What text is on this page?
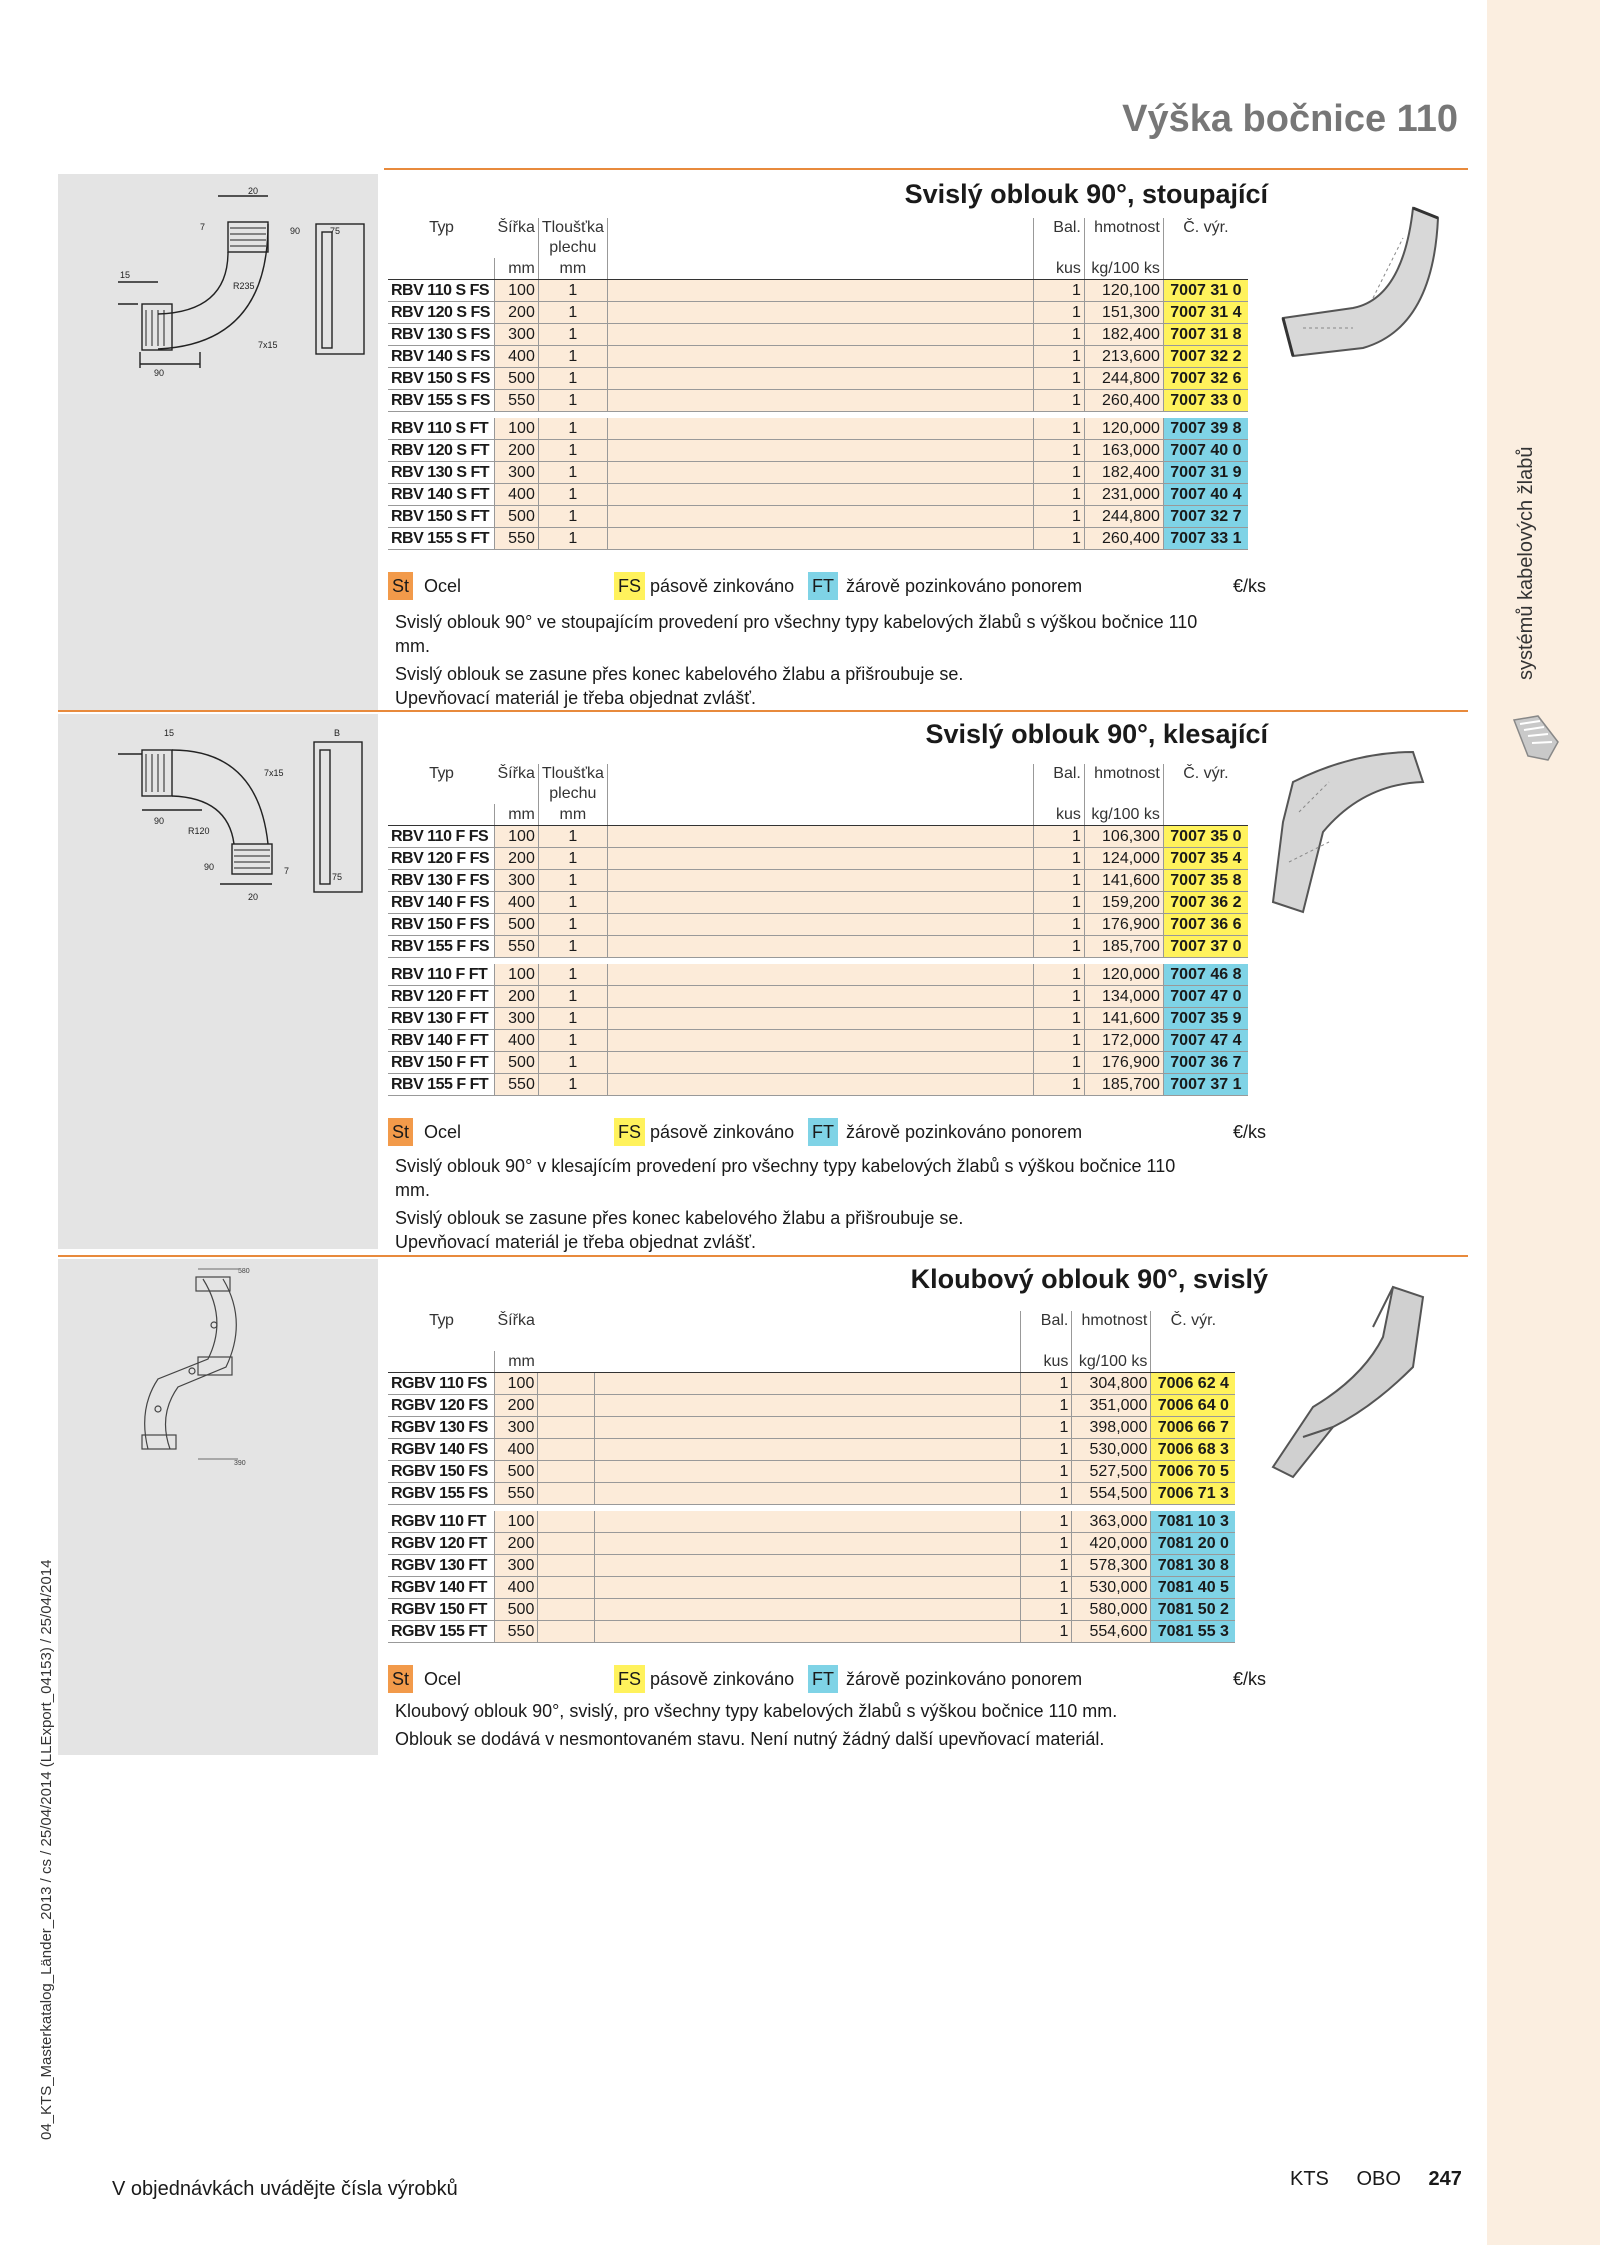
systémů kabelových žlabů
Výška bočnice 110
04_KTS_Masterkatalog_Länder_2013 / cs / 25/04/2014 (LLExport_04153) / 25/04/2014
20
7	90	75
15
R235
7x15
90
Svislý oblouk 90°, stoupající
Typ	Šířka	Tloušťka
plechu		Bal.	hmotnost	Č. výr.
	mm	mm		kus	kg/100 ks	
RBV 110 S FS	100	1		1	120,100	7007 31 0
RBV 120 S FS	200	1		1	151,300	7007 31 4
RBV 130 S FS	300	1		1	182,400	7007 31 8
RBV 140 S FS	400	1		1	213,600	7007 32 2
RBV 150 S FS	500	1		1	244,800	7007 32 6
RBV 155 S FS	550	1		1	260,400	7007 33 0

RBV 110 S FT	100	1		1	120,000	7007 39 8
RBV 120 S FT	200	1		1	163,000	7007 40 0
RBV 130 S FT	300	1		1	182,400	7007 31 9
RBV 140 S FT	400	1		1	231,000	7007 40 4
RBV 150 S FT	500	1		1	244,800	7007 32 7
RBV 155 S FT	550	1		1	260,400	7007 33 1
St Ocel	FS pásově zinkováno FT žárově pozinkováno ponorem	€/ks

Svislý oblouk 90° ve stoupajícím provedení pro všechny typy kabelových žlabů s výškou bočnice 110 mm.

Svislý oblouk se zasune přes konec kabelového žlabu a přišroubuje se.

Upevňovací materiál je třeba objednat zvlášť.

15	B
7x15
90
R120
90	7
75
20
Svislý oblouk 90°, klesající
Typ	Šířka	Tloušťka
plechu		Bal.	hmotnost	Č. výr.
	mm	mm		kus	kg/100 ks	
RBV 110 F FS	100	1		1	106,300	7007 35 0
RBV 120 F FS	200	1		1	124,000	7007 35 4
RBV 130 F FS	300	1		1	141,600	7007 35 8
RBV 140 F FS	400	1		1	159,200	7007 36 2
RBV 150 F FS	500	1		1	176,900	7007 36 6
RBV 155 F FS	550	1		1	185,700	7007 37 0

RBV 110 F FT	100	1		1	120,000	7007 46 8
RBV 120 F FT	200	1		1	134,000	7007 47 0
RBV 130 F FT	300	1		1	141,600	7007 35 9
RBV 140 F FT	400	1		1	172,000	7007 47 4
RBV 150 F FT	500	1		1	176,900	7007 36 7
RBV 155 F FT	550	1		1	185,700	7007 37 1
St Ocel	FS pásově zinkováno FT žárově pozinkováno ponorem	€/ks

Svislý oblouk 90° v klesajícím provedení pro všechny typy kabelových žlabů s výškou bočnice 110 mm.

Svislý oblouk se zasune přes konec kabelového žlabu a přišroubuje se.

Upevňovací materiál je třeba objednat zvlášť.

580
390
Kloubový oblouk 90°, svislý
Typ	Šířka			Bal.	hmotnost	Č. výr.
	mm			kus	kg/100 ks	
RGBV 110 FS	100			1	304,800	7006 62 4
RGBV 120 FS	200			1	351,000	7006 64 0
RGBV 130 FS	300			1	398,000	7006 66 7
RGBV 140 FS	400			1	530,000	7006 68 3
RGBV 150 FS	500			1	527,500	7006 70 5
RGBV 155 FS	550			1	554,500	7006 71 3

RGBV 110 FT	100			1	363,000	7081 10 3
RGBV 120 FT	200			1	420,000	7081 20 0
RGBV 130 FT	300			1	578,300	7081 30 8
RGBV 140 FT	400			1	530,000	7081 40 5
RGBV 150 FT	500			1	580,000	7081 50 2
RGBV 155 FT	550			1	554,600	7081 55 3
St Ocel	FS pásově zinkováno FT žárově pozinkováno ponorem	€/ks

Kloubový oblouk 90°, svislý, pro všechny typy kabelových žlabů s výškou bočnice 110 mm.

Oblouk se dodává v nesmontovaném stavu. Není nutný žádný další upevňovací materiál.

V objednávkách uvádějte čísla výrobků	KTS OBO 247
